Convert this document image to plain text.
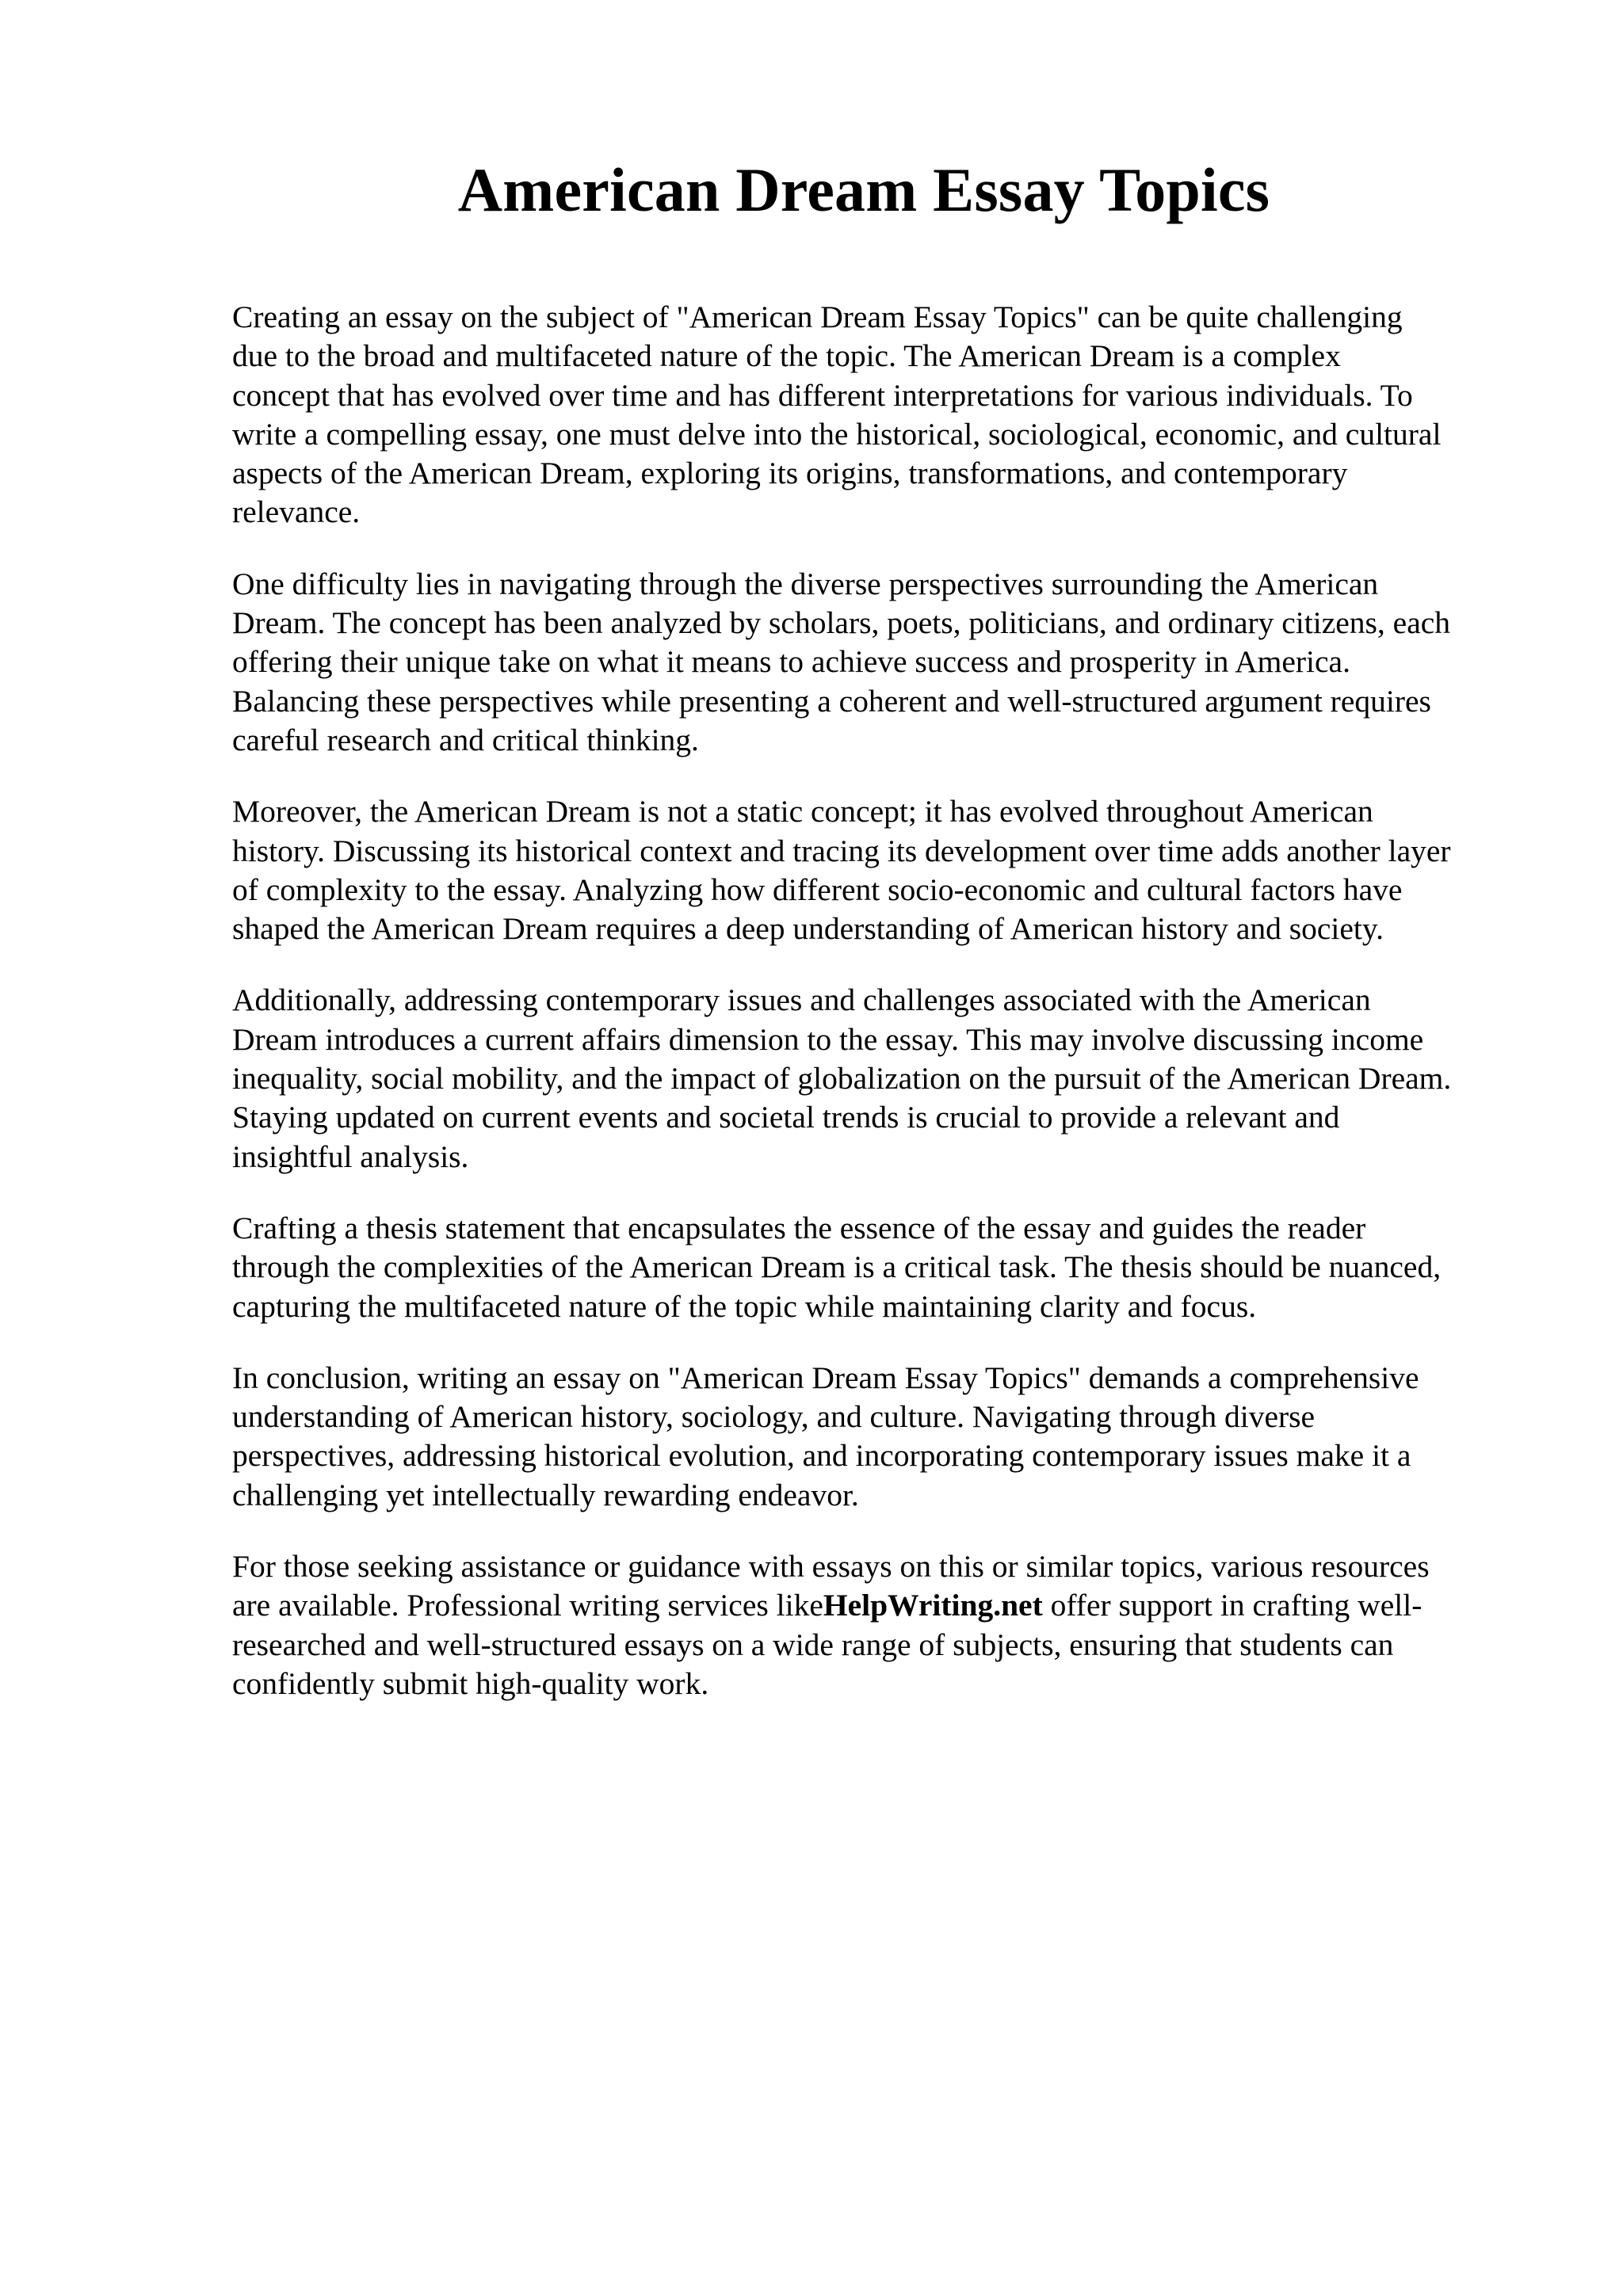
American Dream Essay Topics

Creating an essay on the subject of "American Dream Essay Topics" can be quite challenging
due to the broad and multifaceted nature of the topic. The American Dream is a complex
concept that has evolved over time and has different interpretations for various individuals. To
write a compelling essay, one must delve into the historical, sociological, economic, and cultural
aspects of the American Dream, exploring its origins, transformations, and contemporary
relevance.

One difficulty lies in navigating through the diverse perspectives surrounding the American
Dream. The concept has been analyzed by scholars, poets, politicians, and ordinary citizens, each
offering their unique take on what it means to achieve success and prosperity in America.
Balancing these perspectives while presenting a coherent and well-structured argument requires
careful research and critical thinking.

Moreover, the American Dream is not a static concept; it has evolved throughout American
history. Discussing its historical context and tracing its development over time adds another layer
of complexity to the essay. Analyzing how different socio-economic and cultural factors have
shaped the American Dream requires a deep understanding of American history and society.

Additionally, addressing contemporary issues and challenges associated with the American
Dream introduces a current affairs dimension to the essay. This may involve discussing income
inequality, social mobility, and the impact of globalization on the pursuit of the American Dream.
Staying updated on current events and societal trends is crucial to provide a relevant and
insightful analysis.

Crafting a thesis statement that encapsulates the essence of the essay and guides the reader
through the complexities of the American Dream is a critical task. The thesis should be nuanced,
capturing the multifaceted nature of the topic while maintaining clarity and focus.

In conclusion, writing an essay on "American Dream Essay Topics" demands a comprehensive
understanding of American history, sociology, and culture. Navigating through diverse
perspectives, addressing historical evolution, and incorporating contemporary issues make it a
challenging yet intellectually rewarding endeavor.

For those seeking assistance or guidance with essays on this or similar topics, various resources
are available. Professional writing services likeHelpWriting.net offer support in crafting well-
researched and well-structured essays on a wide range of subjects, ensuring that students can
confidently submit high-quality work.
